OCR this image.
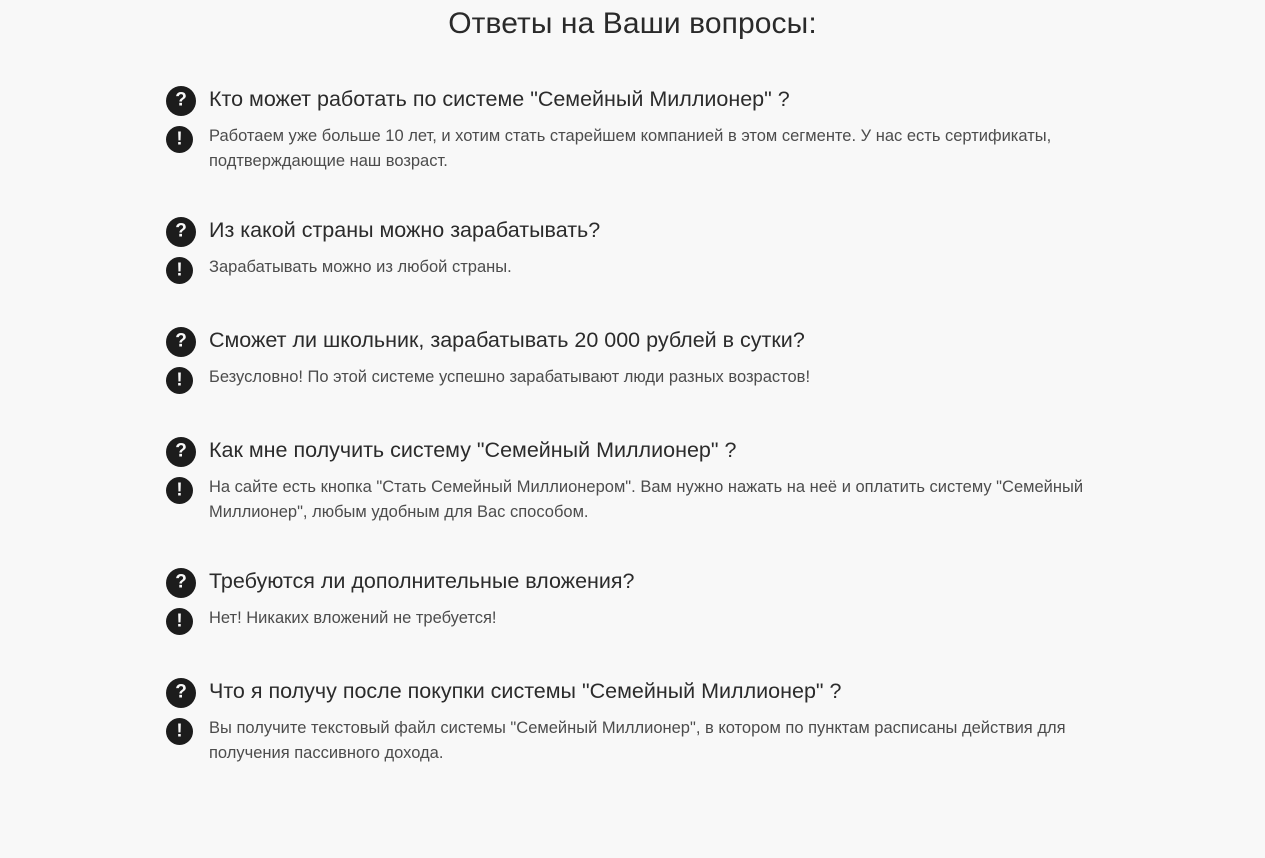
Ответы на Ваши вопросы:
? Кто может работать по системе "Семейный Миллионер" ?
! Работаем уже больше 10 лет, и хотим стать старейшем компанией в этом сегменте. У нас есть сертификаты, подтверждающие наш возраст.
? Из какой страны можно зарабатывать?
! Зарабатывать можно из любой страны.
? Сможет ли школьник, зарабатывать 20 000 рублей в сутки?
! Безусловно! По этой системе успешно зарабатывают люди разных возрастов!
? Как мне получить систему "Семейный Миллионер" ?
! На сайте есть кнопка "Стать Семейный Миллионером". Вам нужно нажать на неё и оплатить систему "Семейный Миллионер", любым удобным для Вас способом.
? Требуются ли дополнительные вложения?
! Нет! Никаких вложений не требуется!
? Что я получу после покупки системы "Семейный Миллионер" ?
! Вы получите текстовый файл системы "Семейный Миллионер", в котором по пунктам расписаны действия для получения пассивного дохода.
